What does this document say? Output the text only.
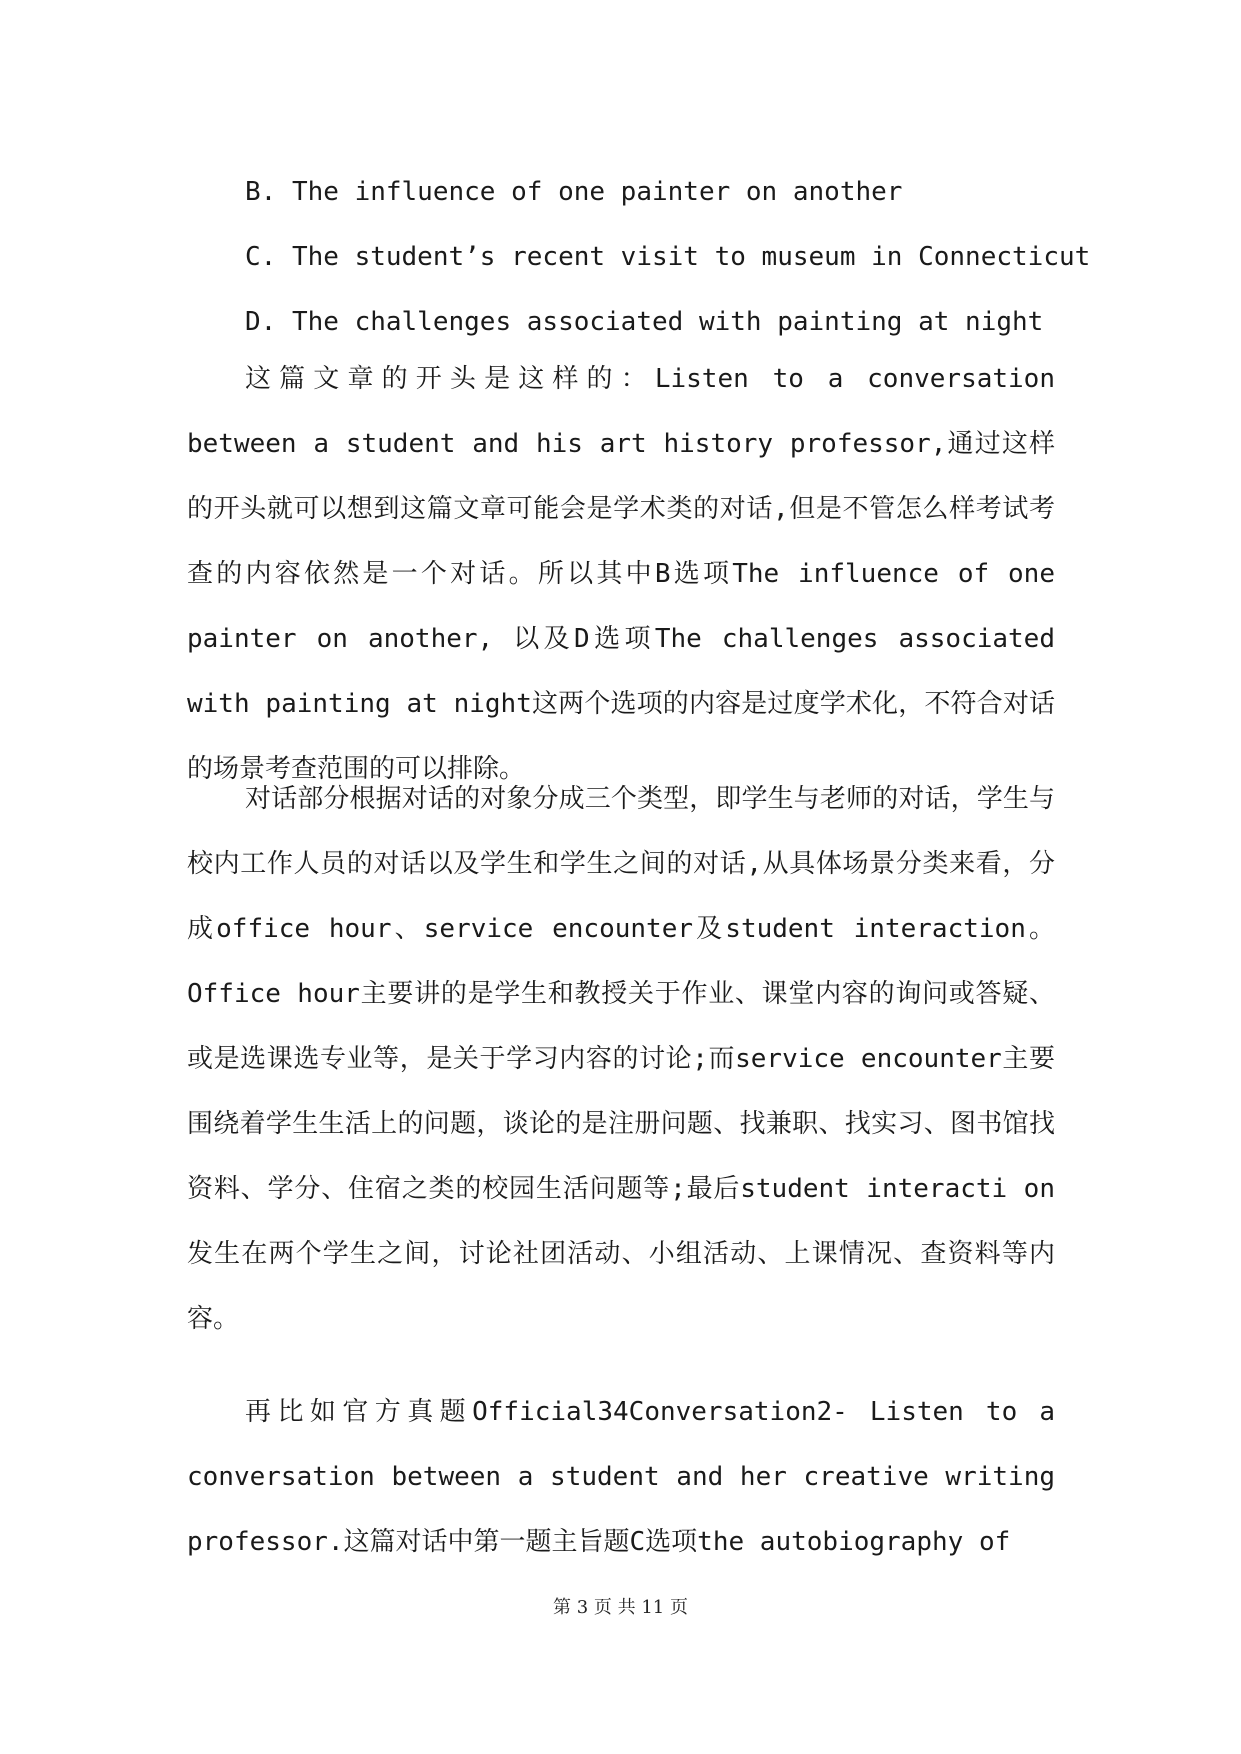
B. The influence of one painter on another
C. The student’s recent visit to museum in Connecticut
D. The challenges associated with painting at night

这篇文章的开头是这样的：Listen to a conversation between a student and his art history professor,通过这样的开头就可以想到这篇文章可能会是学术类的对话,但是不管怎么样考试考查的内容依然是一个对话。所以其中B选项The influence of one painter on another, 以及D选项The challenges associated with painting at night这两个选项的内容是过度学术化，不符合对话的场景考查范围的可以排除。

对话部分根据对话的对象分成三个类型，即学生与老师的对话，学生与校内工作人员的对话以及学生和学生之间的对话,从具体场景分类来看，分成office hour、service encounter及student interaction。Office hour主要讲的是学生和教授关于作业、课堂内容的询问或答疑、或是选课选专业等，是关于学习内容的讨论;而service encounter主要围绕着学生生活上的问题，谈论的是注册问题、找兼职、找实习、图书馆找资料、学分、住宿之类的校园生活问题等;最后student interacti on发生在两个学生之间，讨论社团活动、小组活动、上课情况、查资料等内容。

再比如官方真题Official34Conversation2- Listen to a conversation between a student and her creative writing professor.这篇对话中第一题主旨题C选项the autobiography of

第 3 页 共 11 页
